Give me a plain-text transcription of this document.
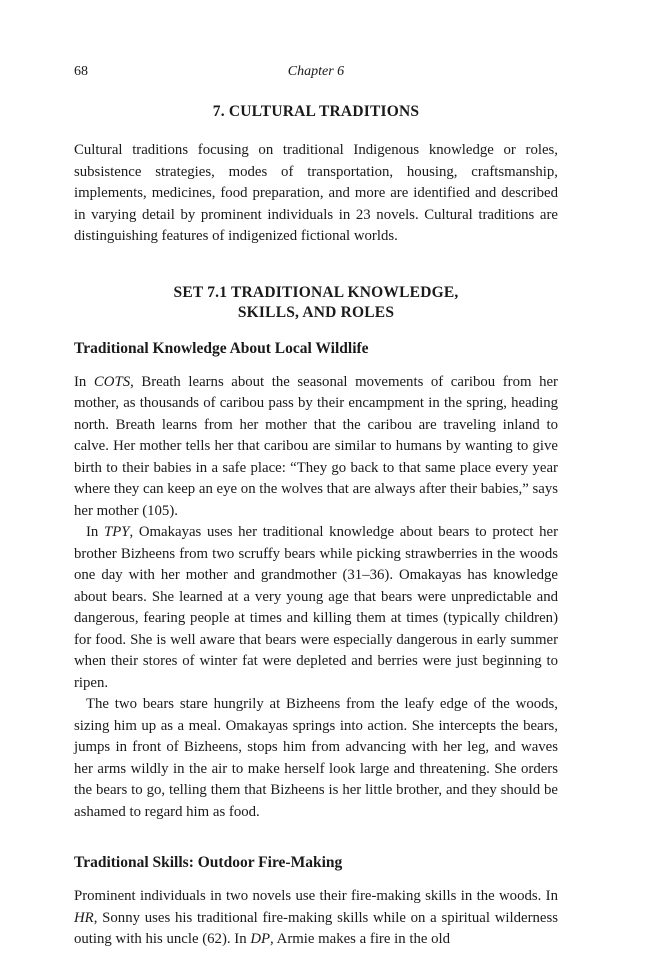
68	Chapter 6
7. CULTURAL TRADITIONS

Cultural traditions focusing on traditional Indigenous knowledge or roles, subsistence strategies, modes of transportation, housing, craftsmanship, implements, medicines, food preparation, and more are identified and described in varying detail by prominent individuals in 23 novels. Cultural traditions are distinguishing features of indigenized fictional worlds.

SET 7.1 TRADITIONAL KNOWLEDGE,
SKILLS, AND ROLES
Traditional Knowledge About Local Wildlife

In COTS, Breath learns about the seasonal movements of caribou from her mother, as thousands of caribou pass by their encampment in the spring, heading north. Breath learns from her mother that the caribou are traveling inland to calve. Her mother tells her that caribou are similar to humans by wanting to give birth to their babies in a safe place: “They go back to that same place every year where they can keep an eye on the wolves that are always after their babies,” says her mother (105).

In TPY, Omakayas uses her traditional knowledge about bears to protect her brother Bizheens from two scruffy bears while picking strawberries in the woods one day with her mother and grandmother (31–36). Omakayas has knowledge about bears. She learned at a very young age that bears were unpredictable and dangerous, fearing people at times and killing them at times (typically children) for food. She is well aware that bears were especially dangerous in early summer when their stores of winter fat were depleted and berries were just beginning to ripen.

The two bears stare hungrily at Bizheens from the leafy edge of the woods, sizing him up as a meal. Omakayas springs into action. She intercepts the bears, jumps in front of Bizheens, stops him from advancing with her leg, and waves her arms wildly in the air to make herself look large and threatening. She orders the bears to go, telling them that Bizheens is her little brother, and they should be ashamed to regard him as food.

Traditional Skills: Outdoor Fire-Making

Prominent individuals in two novels use their fire-making skills in the woods. In HR, Sonny uses his traditional fire-making skills while on a spiritual wilderness outing with his uncle (62). In DP, Armie makes a fire in the old
